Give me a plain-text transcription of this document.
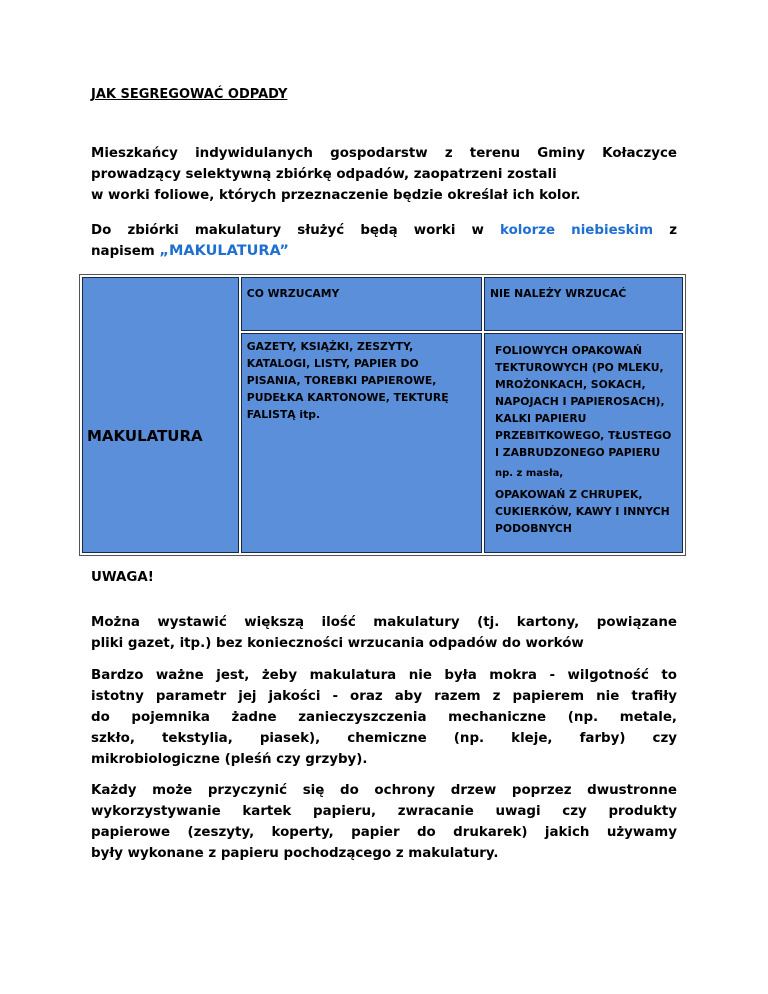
JAK SEGREGOWAĆ ODPADY
Mieszkańcy indywidulanych gospodarstw z terenu Gminy Kołaczyce
prowadzący selektywną zbiórkę odpadów, zaopatrzeni zostali
w worki foliowe, których przeznaczenie będzie określał ich kolor.
Do zbiórki makulatury służyć będą worki w kolorze niebieskim z
napisem „MAKULATURA”
MAKULATURA	CO WRZUCAMY	NIE NALEŻY WRZUCAĆ

	GAZETY, KSIĄŻKI, ZESZYTY, KATALOGI, LISTY, PAPIER DO PISANIA, TOREBKI PAPIEROWE, PUDEŁKA KARTONOWE, TEKTURĘ FALISTĄ itp.	FOLIOWYCH OPAKOWAŃ TEKTUROWYCH (PO MLEKU, MROŻONKACH, SOKACH, NAPOJACH I PAPIEROSACH), KALKI PAPIERU PRZEBITKOWEGO, TŁUSTEGO I ZABRUDZONEGO PAPIERU
np. z masła,
OPAKOWAŃ Z CHRUPEK, CUKIERKÓW, KAWY I INNYCH PODOBNYCH
UWAGA!
Można wystawić większą ilość makulatury (tj. kartony, powiązane
pliki gazet, itp.) bez konieczności wrzucania odpadów do worków
Bardzo ważne jest, żeby makulatura nie była mokra - wilgotność to
istotny parametr jej jakości - oraz aby razem z papierem nie trafiły
do pojemnika żadne zanieczyszczenia mechaniczne (np. metale,
szkło, tekstylia, piasek), chemiczne (np. kleje, farby) czy
mikrobiologiczne (pleśń czy grzyby).
Każdy może przyczynić się do ochrony drzew poprzez dwustronne
wykorzystywanie kartek papieru, zwracanie uwagi czy produkty
papierowe (zeszyty, koperty, papier do drukarek) jakich używamy
były wykonane z papieru pochodzącego z makulatury.
